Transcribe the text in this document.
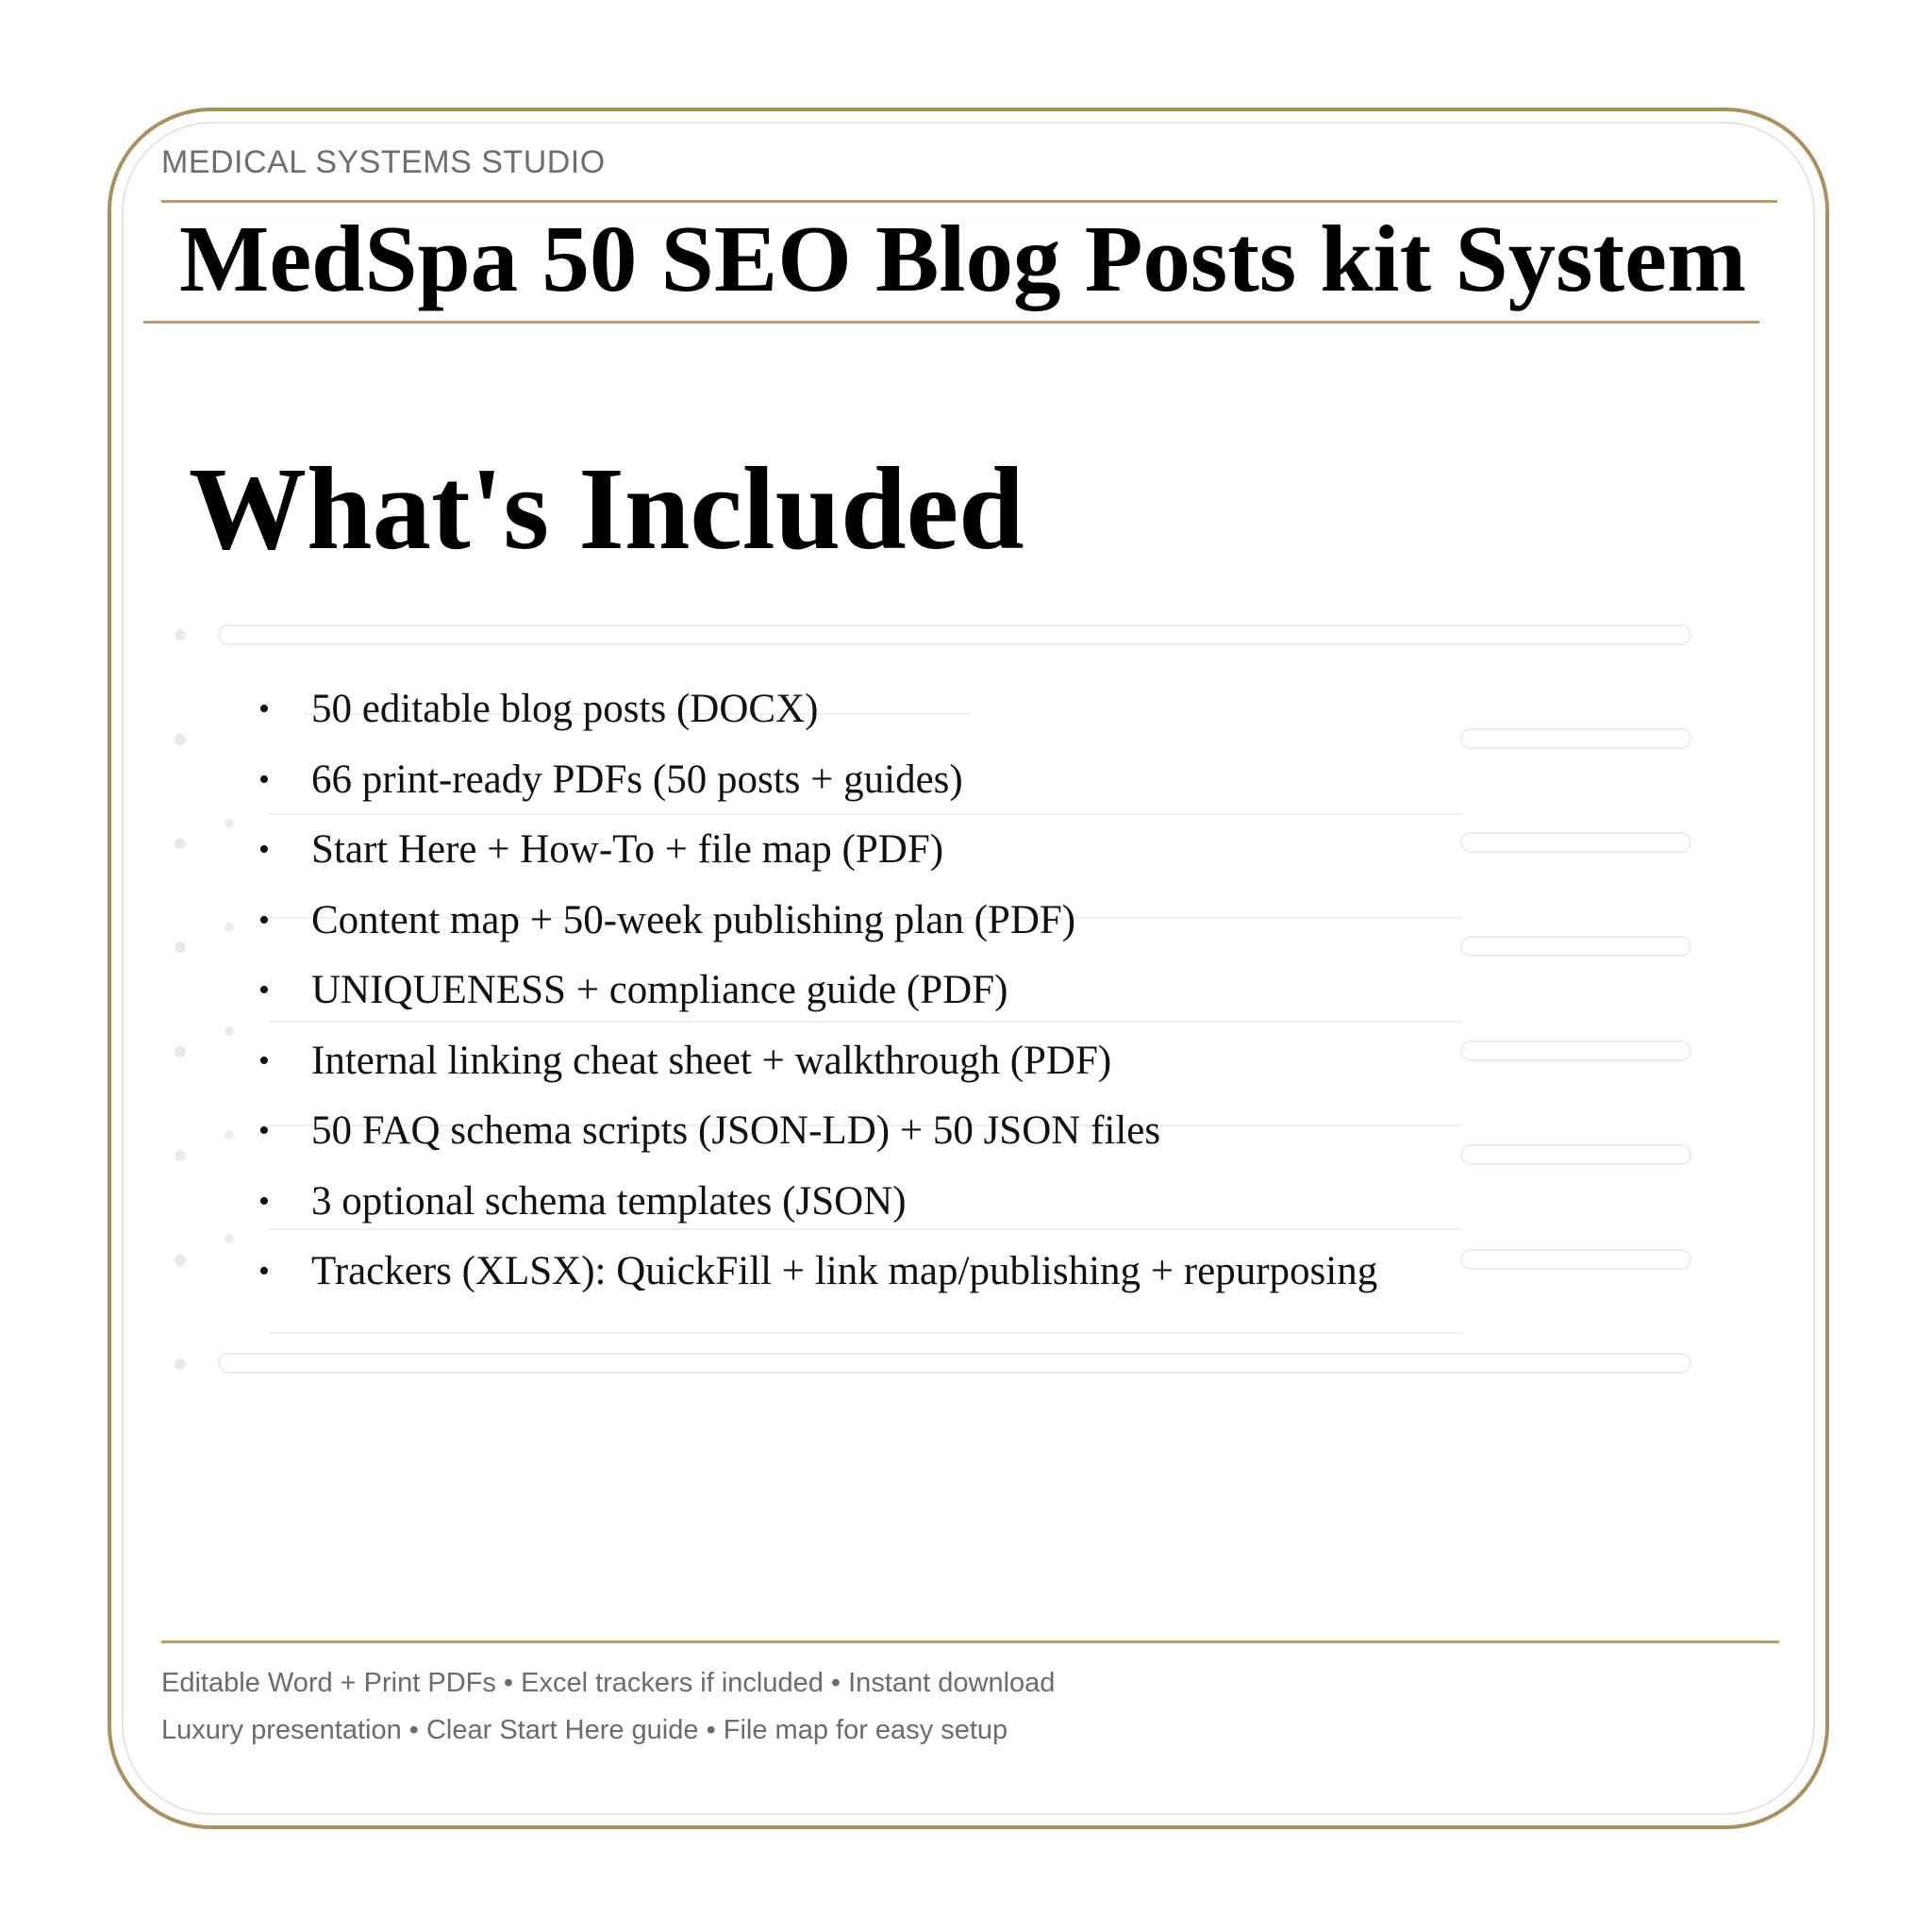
MEDICAL SYSTEMS STUDIO

MedSpa 50 SEO Blog Posts kit System
What's Included
• 50 editable blog posts (DOCX)
• 66 print-ready PDFs (50 posts + guides)
• Start Here + How-To + file map (PDF)
• Content map + 50-week publishing plan (PDF)
• UNIQUENESS + compliance guide (PDF)
• Internal linking cheat sheet + walkthrough (PDF)
• 50 FAQ schema scripts (JSON-LD) + 50 JSON files
• 3 optional schema templates (JSON)
• Trackers (XLSX): QuickFill + link map/publishing + repurposing

Editable Word + Print PDFs • Excel trackers if included • Instant download

Luxury presentation • Clear Start Here guide • File map for easy setup
